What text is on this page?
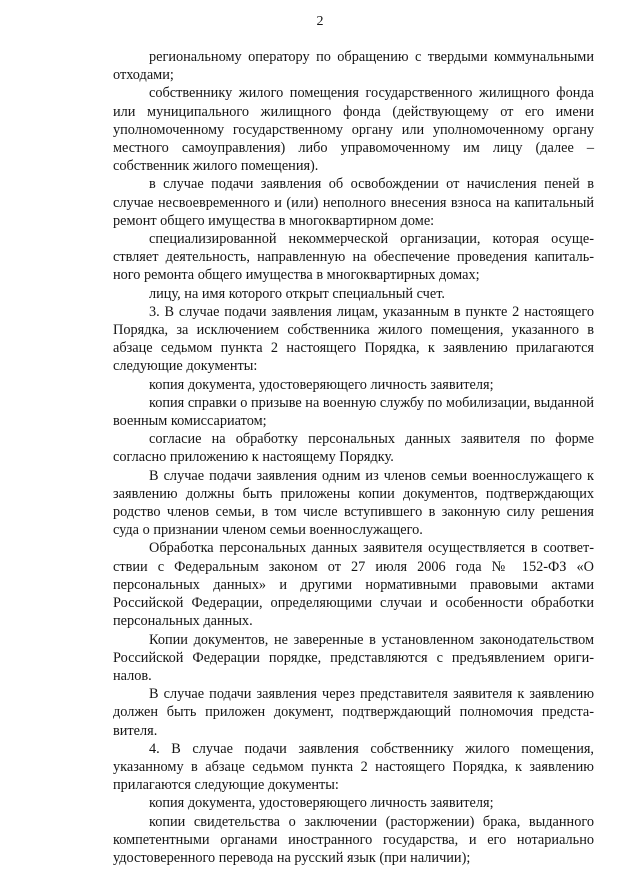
2

региональному оператору по обращению с твердыми коммунальными отходами;

собственнику жилого помещения государственного жилищного фонда или муниципального жилищного фонда (действующему от его имени уполномоченному государственному органу или уполномоченному органу местного самоуправления) либо управомоченному им лицу (далее – собственник жилого помещения).

в случае подачи заявления об освобождении от начисления пеней в случае несвоевременного и (или) неполного внесения взноса на капитальный ремонт общего имущества в многоквартирном доме:

специализированной некоммерческой организации, которая осуществляет деятельность, направленную на обеспечение проведения капитального ремонта общего имущества в многоквартирных домах;

лицу, на имя которого открыт специальный счет.

3. В случае подачи заявления лицам, указанным в пункте 2 настоящего Порядка, за исключением собственника жилого помещения, указанного в абзаце седьмом пункта 2 настоящего Порядка, к заявлению прилагаются следующие документы:

копия документа, удостоверяющего личность заявителя;

копия справки о призыве на военную службу по мобилизации, выданной военным комиссариатом;

согласие на обработку персональных данных заявителя по форме согласно приложению к настоящему Порядку.

В случае подачи заявления одним из членов семьи военнослужащего к заявлению должны быть приложены копии документов, подтверждающих родство членов семьи, в том числе вступившего в законную силу решения суда о признании членом семьи военнослужащего.

Обработка персональных данных заявителя осуществляется в соответствии с Федеральным законом от 27 июля 2006 года № 152-ФЗ «О персональных данных» и другими нормативными правовыми актами Российской Федерации, определяющими случаи и особенности обработки персональных данных.

Копии документов, не заверенные в установленном законодательством Российской Федерации порядке, представляются с предъявлением оригиналов.

В случае подачи заявления через представителя заявителя к заявлению должен быть приложен документ, подтверждающий полномочия представителя.

4. В случае подачи заявления собственнику жилого помещения, указанному в абзаце седьмом пункта 2 настоящего Порядка, к заявлению прилагаются следующие документы:

копия документа, удостоверяющего личность заявителя;

копии свидетельства о заключении (расторжении) брака, выданного компетентными органами иностранного государства, и его нотариально удостоверенного перевода на русский язык (при наличии);
